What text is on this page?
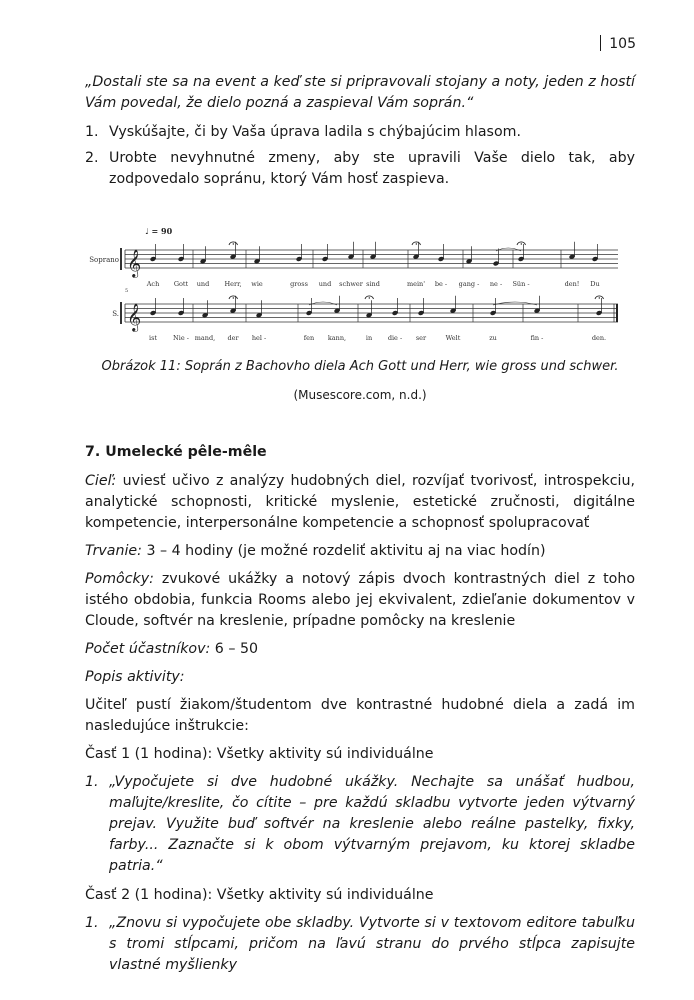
105

„Dostali ste sa na event a keď ste si pripravovali stojany a noty, jeden z hostí Vám povedal, že dielo pozná a zaspieval Vám soprán.“

1. Vyskúšajte, či by Vaša úprava ladila s chýbajúcim hlasom.
2. Urobte nevyhnutné zmeny, aby ste upravili Vaše dielo tak, aby zodpovedalo sopránu, ktorý Vám hosť zaspieva.
𝄞
Soprano
♩ = 90
Ach Gott und Herr, wie	gross und schwer sind	mein' be - gang - ne - Sün -	den! Du
5
𝄞
S.
ist Nie - mand, der hel -	fen kann,	in die - ser	Welt	zu	fin -	den.
Obrázok 11: Soprán z Bachovho diela Ach Gott und Herr, wie gross und schwer.
(Musescore.com, n.d.)
7. Umelecké pêle-mêle

Cieľ: uviesť učivo z analýzy hudobných diel, rozvíjať tvorivosť, introspekciu, analytické schopnosti, kritické myslenie, estetické zručnosti, digitálne kompetencie, interpersonálne kompetencie a schopnosť spolupracovať

Trvanie: 3 – 4 hodiny (je možné rozdeliť aktivitu aj na viac hodín)

Pomôcky: zvukové ukážky a notový zápis dvoch kontrastných diel z toho istého obdobia, funkcia Rooms alebo jej ekvivalent, zdieľanie dokumentov v Cloude, softvér na kreslenie, prípadne pomôcky na kreslenie

Počet účastníkov: 6 – 50

Popis aktivity:

Učiteľ pustí žiakom/študentom dve kontrastné hudobné diela a zadá im nasledujúce inštrukcie:

Časť 1 (1 hodina): Všetky aktivity sú individuálne

1. „Vypočujete si dve hudobné ukážky. Nechajte sa unášať hudbou, maľujte/kreslite, čo cítite – pre každú skladbu vytvorte jeden výtvarný prejav. Využite buď softvér na kreslenie alebo reálne pastelky, fixky, farby... Zaznačte si k obom výtvarným prejavom, ku ktorej skladbe patria.“

Časť 2 (1 hodina): Všetky aktivity sú individuálne

1. „Znovu si vypočujete obe skladby. Vytvorte si v textovom editore tabuľku s tromi stĺpcami, pričom na ľavú stranu do prvého stĺpca zapisujte vlastné myšlienky
